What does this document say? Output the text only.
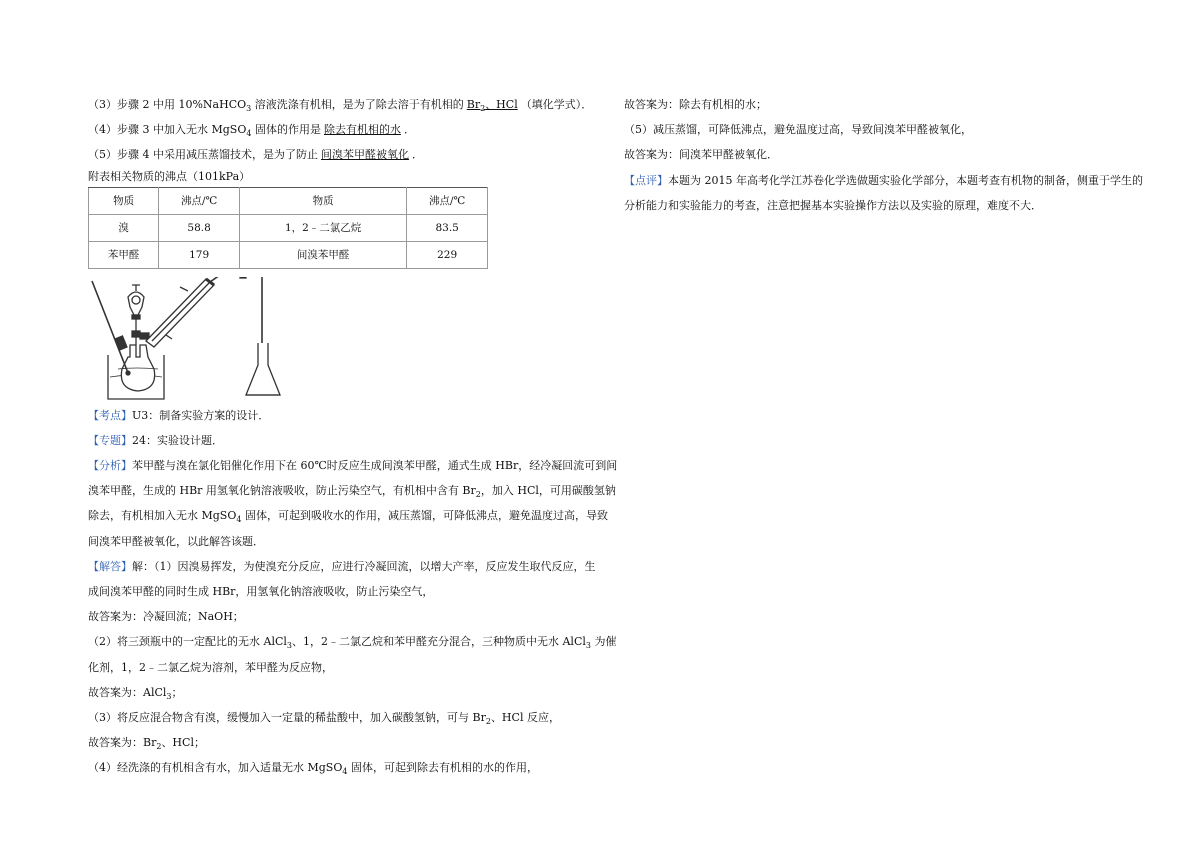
（3）步骤 2 中用 10%NaHCO$_3$ 溶液洗涤有机相，是为了除去溶于有机相的 $Br_2$、HCl （填化学式）．
（4）步骤 3 中加入无水 MgSO$_4$ 固体的作用是 除去有机相的水 ．
（5）步骤 4 中采用减压蒸馏技术，是为了防止 间溴苯甲醛被氧化 ．
附表相关物质的沸点（101kPa）
物质	沸点/℃	物质	沸点/℃
溴	58.8	1，2﹣二氯乙烷	83.5
苯甲醛	179	间溴苯甲醛	229
【考点】U3：制备实验方案的设计．
【专题】24：实验设计题．
【分析】苯甲醛与溴在氯化铝催化作用下在 60℃时反应生成间溴苯甲醛，通式生成 HBr，经冷凝回流可到间
溴苯甲醛，生成的 HBr 用氢氧化钠溶液吸收，防止污染空气，有机相中含有 $Br_2$，加入 HCl，可用碳酸氢钠
除去，有机相加入无水 MgSO$_4$ 固体，可起到吸收水的作用，减压蒸馏，可降低沸点，避免温度过高，导致
间溴苯甲醛被氧化，以此解答该题．
【解答】解：（1）因溴易挥发，为使溴充分反应，应进行冷凝回流，以增大产率，反应发生取代反应，生
成间溴苯甲醛的同时生成 HBr，用氢氧化钠溶液吸收，防止污染空气，
故答案为：冷凝回流；NaOH；
（2）将三颈瓶中的一定配比的无水 AlCl$_3$、1，2﹣二氯乙烷和苯甲醛充分混合，三种物质中无水 AlCl$_3$ 为催
化剂，1，2﹣二氯乙烷为溶剂，苯甲醛为反应物，
故答案为：AlCl$_3$；
（3）将反应混合物含有溴，缓慢加入一定量的稀盐酸中，加入碳酸氢钠，可与 $Br_2$、HCl 反应，
故答案为：$Br_2$、HCl；
（4）经洗涤的有机相含有水，加入适量无水 MgSO$_4$ 固体，可起到除去有机相的水的作用，
故答案为：除去有机相的水；
（5）减压蒸馏，可降低沸点，避免温度过高，导致间溴苯甲醛被氧化，
故答案为：间溴苯甲醛被氧化．
【点评】本题为 2015 年高考化学江苏卷化学选做题实验化学部分，本题考查有机物的制备，侧重于学生的
分析能力和实验能力的考查，注意把握基本实验操作方法以及实验的原理，难度不大．
